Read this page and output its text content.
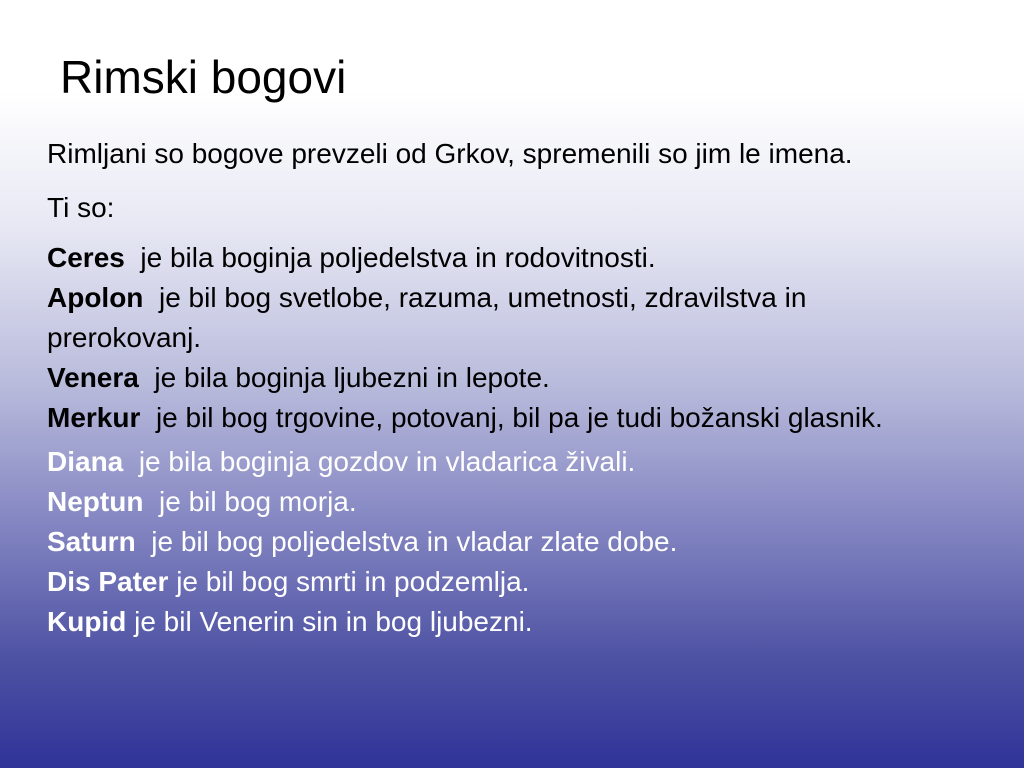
Rimski bogovi

Rimljani so bogove prevzeli od Grkov, spremenili so jim le imena.

Ti so:

Ceres je bila boginja poljedelstva in rodovitnosti.
Apolon je bil bog svetlobe, razuma, umetnosti, zdravilstva in prerokovanj.
Venera je bila boginja ljubezni in lepote.
Merkur je bil bog trgovine, potovanj, bil pa je tudi božanski glasnik.
Diana je bila boginja gozdov in vladarica živali.
Neptun je bil bog morja.
Saturn je bil bog poljedelstva in vladar zlate dobe.
Dis Pater je bil bog smrti in podzemlja.
Kupid je bil Venerin sin in bog ljubezni.
